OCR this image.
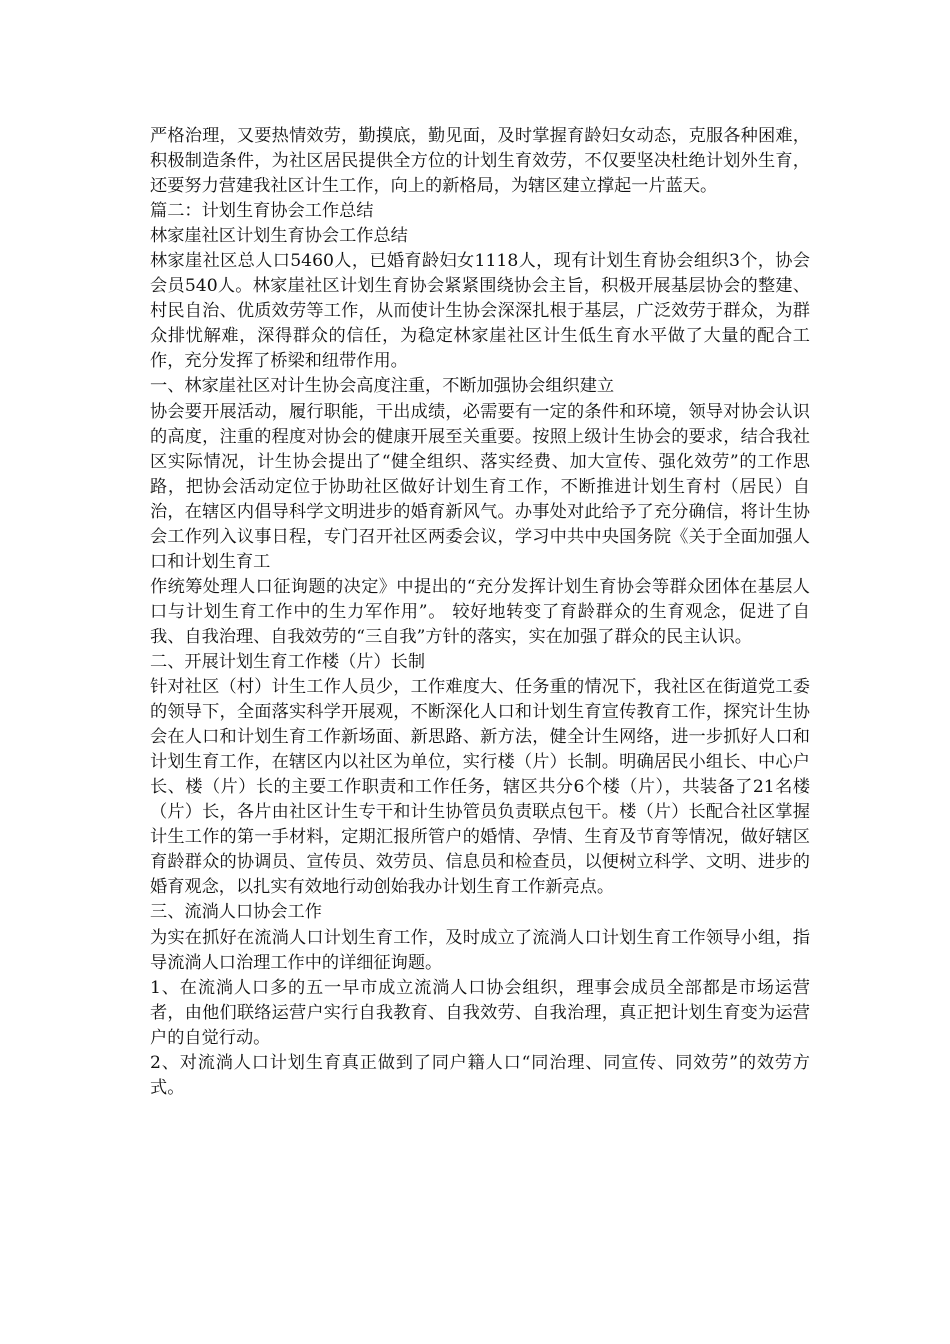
严格治理，又要热情效劳，勤摸底，勤见面，及时掌握育龄妇女动态，克服各种困难，积极制造条件，为社区居民提供全方位的计划生育效劳，不仅要坚决杜绝计划外生育，还要努力营建我社区计生工作，向上的新格局，为辖区建立撑起一片蓝天。

篇二：计划生育协会工作总结

林家崖社区计划生育协会工作总结

林家崖社区总人口5460人，已婚育龄妇女1118人，现有计划生育协会组织3个，协会会员540人。林家崖社区计划生育协会紧紧围绕协会主旨，积极开展基层协会的整建、村民自治、优质效劳等工作，从而使计生协会深深扎根于基层，广泛效劳于群众，为群众排忧解难，深得群众的信任，为稳定林家崖社区计生低生育水平做了大量的配合工作，充分发挥了桥梁和纽带作用。

一、林家崖社区对计生协会高度注重，不断加强协会组织建立

协会要开展活动，履行职能，干出成绩，必需要有一定的条件和环境，领导对协会认识的高度，注重的程度对协会的健康开展至关重要。按照上级计生协会的要求，结合我社区实际情况，计生协会提出了“健全组织、落实经费、加大宣传、强化效劳”的工作思路，把协会活动定位于协助社区做好计划生育工作，不断推进计划生育村（居民）自治，在辖区内倡导科学文明进步的婚育新风气。办事处对此给予了充分确信，将计生协会工作列入议事日程，专门召开社区两委会议，学习中共中央国务院《关于全面加强人口和计划生育工

作统筹处理人口征询题的决定》中提出的“充分发挥计划生育协会等群众团体在基层人口与计划生育工作中的生力军作用”。 较好地转变了育龄群众的生育观念，促进了自我、自我治理、自我效劳的“三自我”方针的落实，实在加强了群众的民主认识。

二、开展计划生育工作楼（片）长制

针对社区（村）计生工作人员少，工作难度大、任务重的情况下，我社区在街道党工委的领导下，全面落实科学开展观，不断深化人口和计划生育宣传教育工作，探究计生协会在人口和计划生育工作新场面、新思路、新方法，健全计生网络，进一步抓好人口和计划生育工作，在辖区内以社区为单位，实行楼（片）长制。明确居民小组长、中心户长、楼（片）长的主要工作职责和工作任务，辖区共分6个楼（片），共装备了21名楼（片）长，各片由社区计生专干和计生协管员负责联点包干。楼（片）长配合社区掌握计生工作的第一手材料，定期汇报所管户的婚情、孕情、生育及节育等情况，做好辖区育龄群众的协调员、宣传员、效劳员、信息员和检查员，以便树立科学、文明、进步的婚育观念，以扎实有效地行动创始我办计划生育工作新亮点。

三、流淌人口协会工作

为实在抓好在流淌人口计划生育工作，及时成立了流淌人口计划生育工作领导小组，指导流淌人口治理工作中的详细征询题。

1、在流淌人口多的五一早市成立流淌人口协会组织，理事会成员全部都是市场运营者，由他们联络运营户实行自我教育、自我效劳、自我治理，真正把计划生育变为运营户的自觉行动。

2、对流淌人口计划生育真正做到了同户籍人口“同治理、同宣传、同效劳”的效劳方式。
